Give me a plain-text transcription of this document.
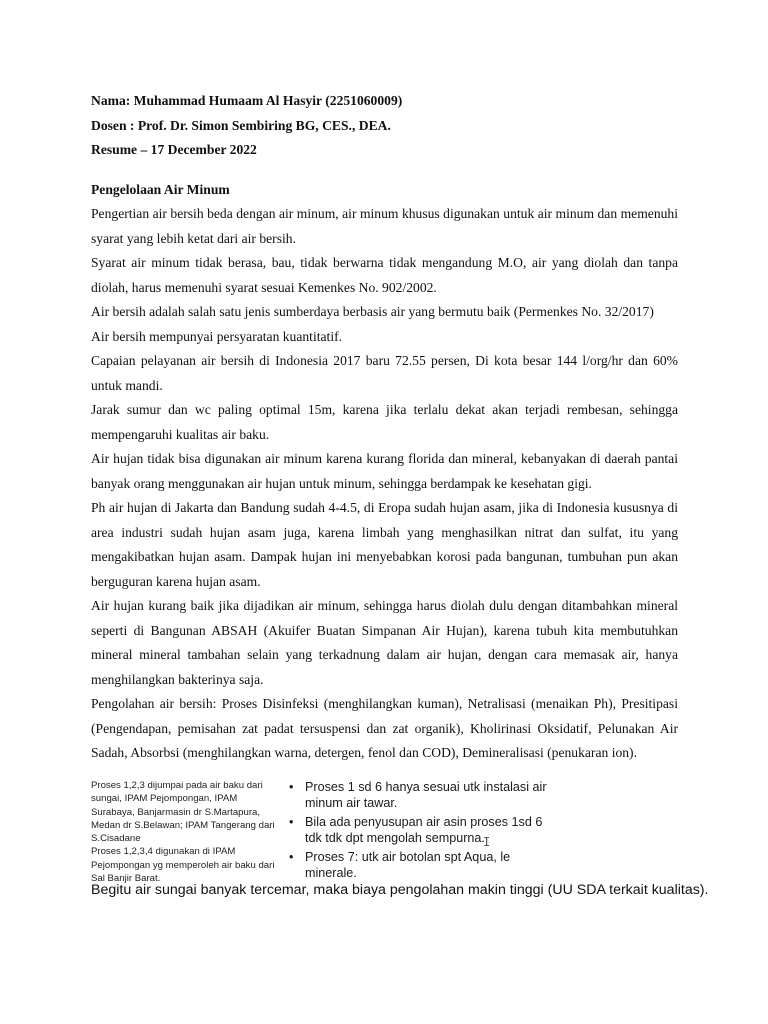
Nama: Muhammad Humaam Al Hasyir (2251060009)

Dosen : Prof. Dr. Simon Sembiring BG, CES., DEA.

Resume – 17 December 2022

Pengelolaan Air Minum

Pengertian air bersih beda dengan air minum, air minum khusus digunakan untuk air minum dan memenuhi syarat yang lebih ketat dari air bersih.

Syarat air minum tidak berasa, bau, tidak berwarna tidak mengandung M.O, air yang diolah dan tanpa diolah, harus memenuhi syarat sesuai Kemenkes No. 902/2002.

Air bersih adalah salah satu jenis sumberdaya berbasis air yang bermutu baik (Permenkes No. 32/2017)

Air bersih mempunyai persyaratan kuantitatif.

Capaian pelayanan air bersih di Indonesia 2017 baru 72.55 persen, Di kota besar 144 l/org/hr dan 60% untuk mandi.

Jarak sumur dan wc paling optimal 15m, karena jika terlalu dekat akan terjadi rembesan, sehingga mempengaruhi kualitas air baku.

Air hujan tidak bisa digunakan air minum karena kurang florida dan mineral, kebanyakan di daerah pantai banyak orang menggunakan air hujan untuk minum, sehingga berdampak ke kesehatan gigi.

Ph air hujan di Jakarta dan Bandung sudah 4-4.5, di Eropa sudah hujan asam, jika di Indonesia kususnya di area industri sudah hujan asam juga, karena limbah yang menghasilkan nitrat dan sulfat, itu yang mengakibatkan hujan asam. Dampak hujan ini menyebabkan korosi pada bangunan, tumbuhan pun akan berguguran karena hujan asam.

Air hujan kurang baik jika dijadikan air minum, sehingga harus diolah dulu dengan ditambahkan mineral seperti di Bangunan ABSAH (Akuifer Buatan Simpanan Air Hujan), karena tubuh kita membutuhkan mineral mineral tambahan selain yang terkadnung dalam air hujan, dengan cara memasak air, hanya menghilangkan bakterinya saja.

Pengolahan air bersih: Proses Disinfeksi (menghilangkan kuman), Netralisasi (menaikan Ph), Presitipasi (Pengendapan, pemisahan zat padat tersuspensi dan zat organik), Kholirinasi Oksidatif, Pelunakan Air Sadah, Absorbsi (menghilangkan warna, detergen, fenol dan COD), Demineralisasi (penukaran ion).

Proses 1,2,3 dijumpai pada air baku dari sungai, IPAM Pejompongan, IPAM Surabaya, Banjarmasin dr S.Martapura, Medan dr S.Belawan; IPAM Tangerang dari S.Cisadane

Proses 1,2,3,4 digunakan di IPAM Pejompongan yg memperoleh air baku dari Sal Banjir Barat.

• Proses 1 sd 6 hanya sesuai utk instalasi air minum air tawar.
• Bila ada penyusupan air asin proses 1sd 6 tdk tdk dpt mengolah sempurna.
• Proses 7: utk air botolan spt Aqua, le minerale.
I

Begitu air sungai banyak tercemar, maka biaya pengolahan makin tinggi (UU SDA terkait kualitas).
